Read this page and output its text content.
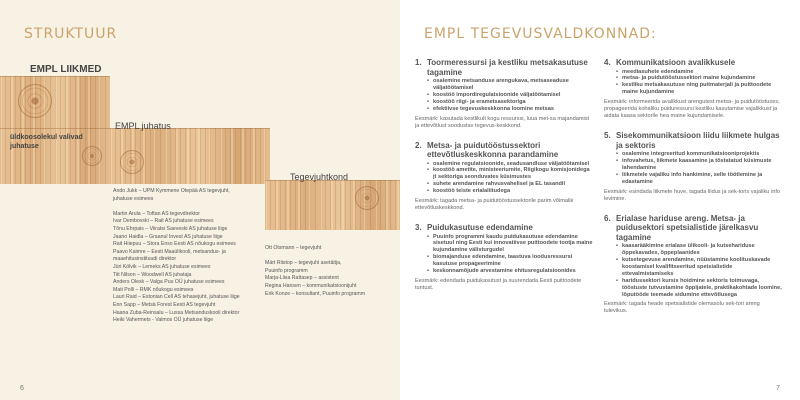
STRUKTUUR
EMPL LIIKMED
üldkoosolekul valivad juhatuse
EMPL juhatus
Tegevjuhtkond
Ando Jukk – UPM Kymmene Otepää AS tegevjuht,
juhatuse esimees

Martin Arula – Toftan AS tegevdirektor
Ivar Dembovski – Rait AS juhatuse esimees
Tõnu Ehrpais – Viiratsi Saeveski AS juhatuse liige
Jaano Haidla – Graanul Invest AS juhatuse liige
Rait Hiiepuu – Stora Enso Eesti AS nõukogu esimees
Paavo Kaimre – Eesti Maaülikooli, metsandus- ja
maaehitusinstituudi direktor
Jüri Kölvik – Lemeks AS juhatuse esimees
Tiit Nilson – Woodwell AS juhataja
Anders Olesk – Valga Puu OÜ juhatuse esimees
Mati Polli – RMK nõukogu esimees
Lauri Raid – Estonian Cell AS tehasejuht, juhatuse liige
Enn Sapp – Metsä Forest Eesti AS tegevjuht
Haana Zuba-Reinsalu – Lussa Metsanduskooli direktor
Heiki Vahermets - Valmos OÜ juhatuse liige
Ott Otsmann – tegevjuht

Märt Riistop – tegevjuhi asetäitja,
Puuinfo programm
Marja-Liisa Rattasep – assistent
Regina Hansen – kommunikatsioonijuht
Erik Konze – konsultant, Puuinfo programm
6
EMPL TEGEVUSVALDKONNAD:
1. Toormeressursi ja kestliku metsakasutuse tagamine
• osalemine metsanduse arengukava, metsaseaduse väljatöötamisel
• koostöö impordiregulatsioonide väljatöötamisel
• koostöö riigi- ja erametsasektoriga
• efektiivse tegevuskeskkonna loomine metsas

Eesmärk: kasutada kestlikult kogu ressurssi, luua met-sa majandamist ja ettevõtlust soodustav tegevus-keskkond.

2. Metsa- ja puidutööstussektori ettevõtluskeskkonna parandamine
• osalemine regulatsioonide, seadusandluse väljatöötamisel
• koostöö ametite, ministeeriumite, Riigikogu komisjonidega jt sektoriga seonduvates küsimustes
• suhete arendamine rahvusvahelisel ja EL tasandil
• koostöö teiste erialaliitudega

Eesmärk: tagada metsa- ja puidutööstussektorile parim võimalik ettevõtluskeskkond.

3. Puidukasutuse edendamine
• Puuinfo programmi kaudu puidukasutuse edendamine sisetuul ning Eesti kui innovatiivse puittoodete tootja maine kujundamine välisturgudel
• biomajanduse edendamine, taastuva loodusressursi kasutuse propageerimine
• keskonnamõjude arvestamine ehitusregulatsioonides

Eesmärk: edendada puidukasutust ja suurendada Eesti puittoodete tuntust.

4. Kommunikatsioon avalikkusele
• meediasuhete edendamine
• metsa- ja puidutööstussektori maine kujundamine
• kestliku metsakasutuse ning puitmaterjali ja puittoodete maine kujundamine

Eesmärk: informeerida avalikkust arengutest metsa- ja puidutööstuses, propageerida kohaliku puiduressursi kestliku kasutamise vajalikkust ja aidata kaasa sektorile hea maine kujundamisele.

5. Sisekommunikatsioon liidu liikmete hulgas ja sektoris
• osalemine integreeritud kommunikatsiooniprojektis
• infovahetus, liikmete kaasamine ja tõstatatud küsimuste lahendamine
• liikmetele vajaliku info hankimine, selle töötlemine ja edastamine

Eesmärk: esindada liikmete huve, tagada liidus ja sek-toris vajaliku info levimine.

6. Erialase hariduse areng. Metsa- ja puidusektori spetsialistide järelkasvu tagamine
• kaasarääkimine erialase ülikooli- ja kutsehariduse õppekavades, õppeplaanides
• kutsetegevuse arendamine, nüüstamine koolituskavade koostamisel kvalifitseeritud spetsialistide ettevalmistamiseks
• haridussektori kursis hoidmine sektoris toimuvaga, tööstuste tutvustamine õppijatele, praktikakohtade loomine, lõputööde teemade sidumine ettevõtlusega

Eesmärk: tagada heade spetsialistide olemasolu sek-tori areng tulevikus.

7
